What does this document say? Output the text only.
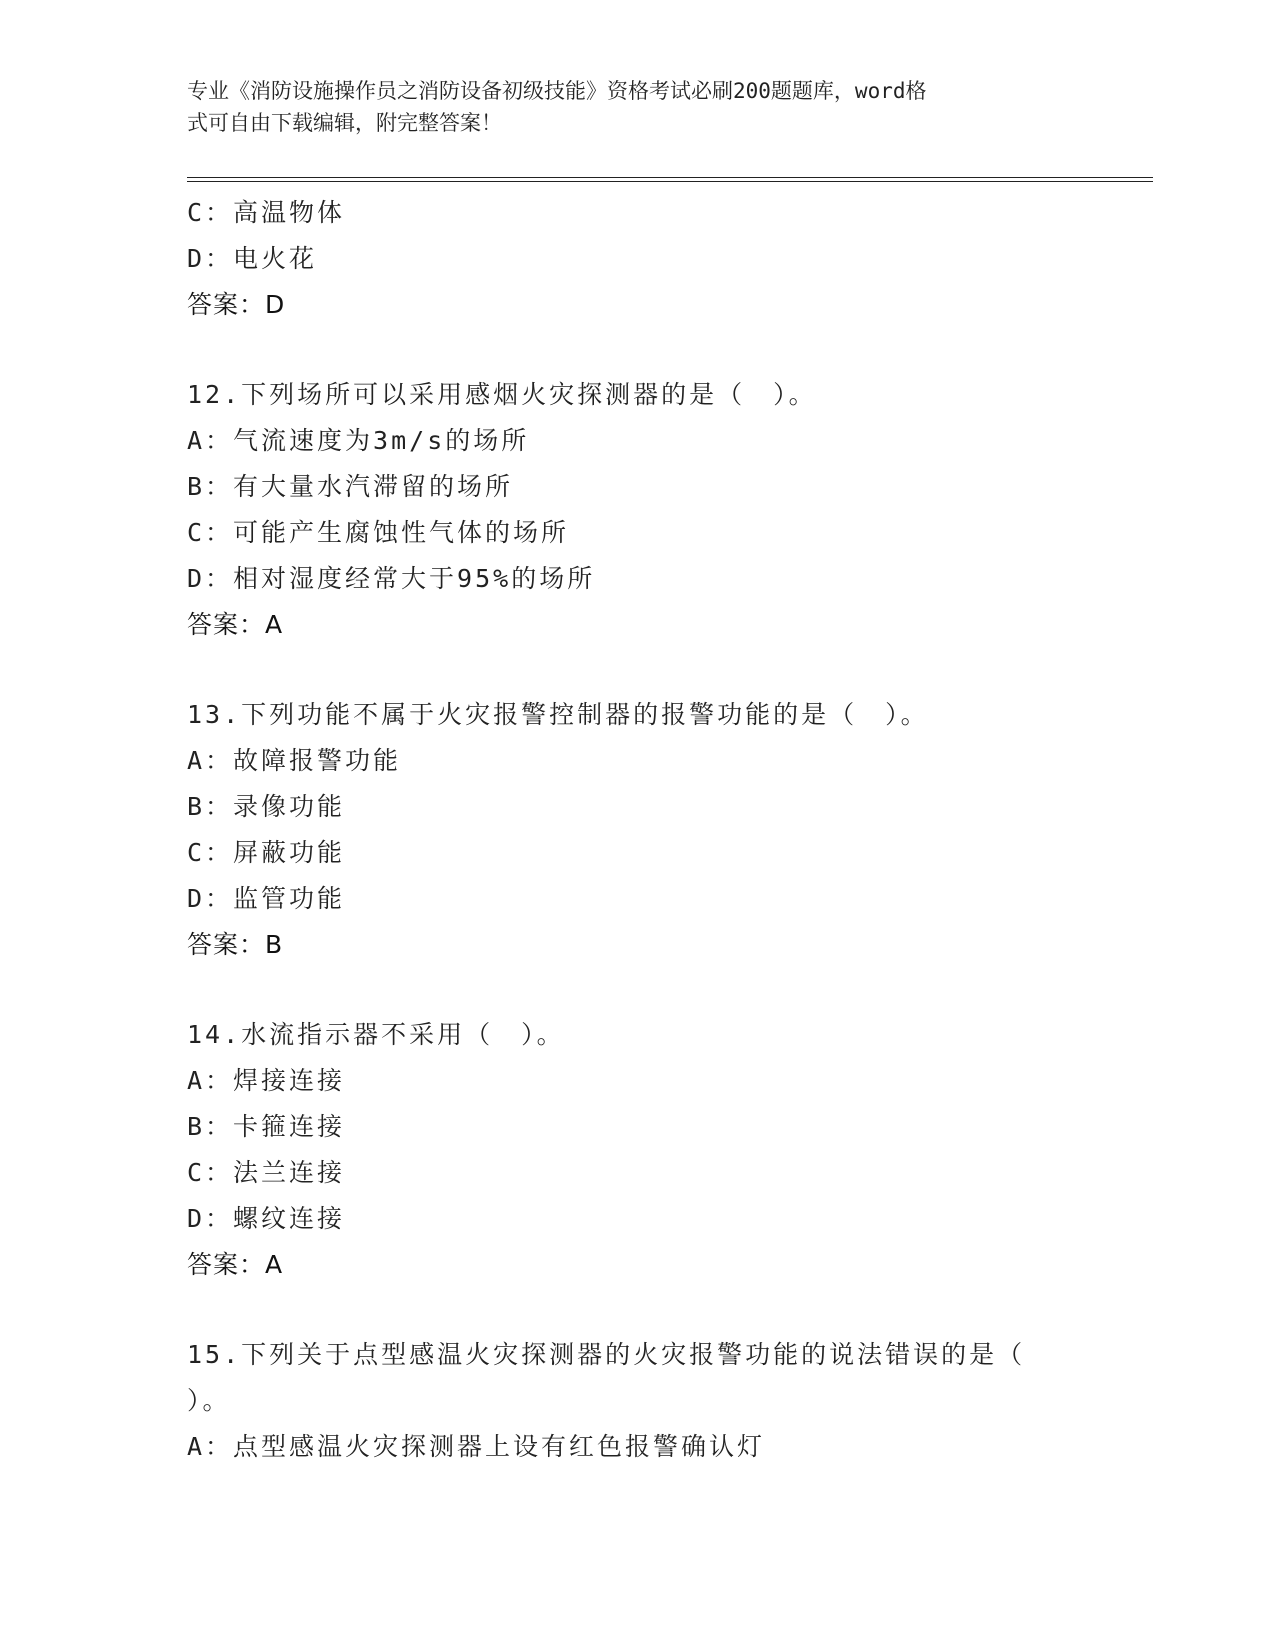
专业《消防设施操作员之消防设备初级技能》资格考试必刷200题题库，word格
式可自由下载编辑，附完整答案！
C：高温物体
D：电火花
答案：D
12.下列场所可以采用感烟火灾探测器的是（　）。
A：气流速度为3m/s的场所
B：有大量水汽滞留的场所
C：可能产生腐蚀性气体的场所
D：相对湿度经常大于95%的场所
答案：A
13.下列功能不属于火灾报警控制器的报警功能的是（　）。
A：故障报警功能
B：录像功能
C：屏蔽功能
D：监管功能
答案：B
14.水流指示器不采用（　）。
A：焊接连接
B：卡箍连接
C：法兰连接
D：螺纹连接
答案：A
15.下列关于点型感温火灾探测器的火灾报警功能的说法错误的是（
）。
A：点型感温火灾探测器上设有红色报警确认灯
